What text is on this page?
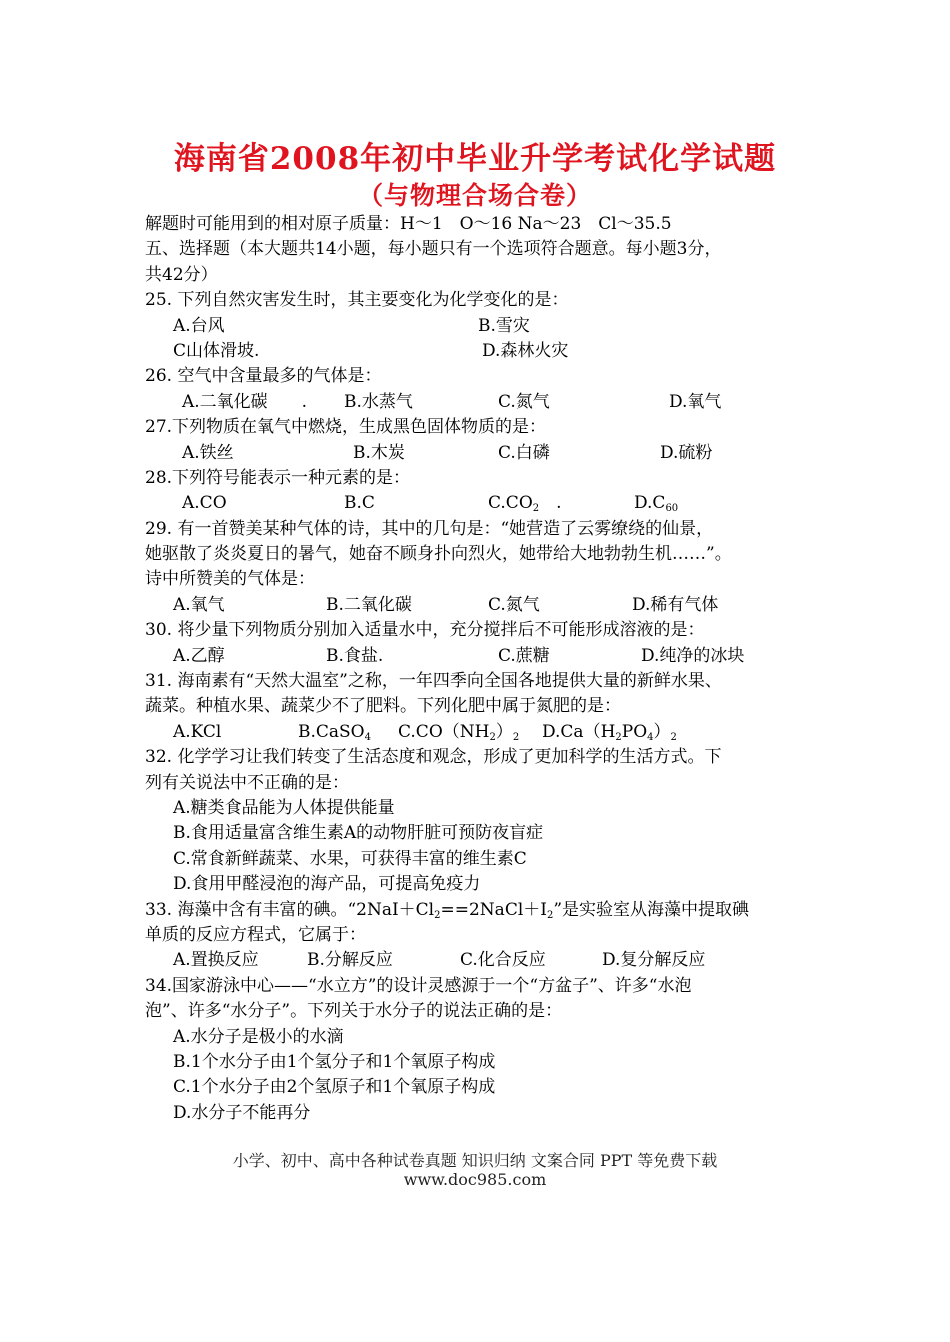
海南省2008年初中毕业升学考试化学试题
（与物理合场合卷）
解题时可能用到的相对原子质量：H～1　O～16 Na～23　Cl～35.5
五、选择题（本大题共14小题，每小题只有一个选项符合题意。每小题3分，
共42分）
25. 下列自然灾害发生时，其主要变化为化学变化的是：
A.台风	B.雪灾
C山体滑坡.	D.森林火灾
26. 空气中含量最多的气体是：
A.二氧化碳　　. B.水蒸气	C.氮气	D.氧气
27.下列物质在氧气中燃烧，生成黑色固体物质的是：
A.铁丝	B.木炭	C.白磷	D.硫粉
28.下列符号能表示一种元素的是：
A.CO	B.C	$C.CO_2$　.	$D.C_{60}$
29. 有一首赞美某种气体的诗，其中的几句是：“她营造了云雾缭绕的仙景，
她驱散了炎炎夏日的暑气，她奋不顾身扑向烈火，她带给大地勃勃生机……”。
诗中所赞美的气体是：
A.氧气	B.二氧化碳	C.氮气	D.稀有气体
30. 将少量下列物质分别加入适量水中，充分搅拌后不可能形成溶液的是：
A.乙醇	B.食盐.	C.蔗糖	D.纯净的冰块
31. 海南素有“天然大温室”之称，一年四季向全国各地提供大量的新鲜水果、
蔬菜。种植水果、蔬菜少不了肥料。下列化肥中属于氮肥的是：
A.KCl	B.CaSO$_4$ $C.CO(NH_2)_2$ $D.Ca(H_2PO_4)_2$
32. 化学学习让我们转变了生活态度和观念，形成了更加科学的生活方式。下
列有关说法中不正确的是：
A.糖类食品能为人体提供能量
B.食用适量富含维生素A的动物肝脏可预防夜盲症
C.常食新鲜蔬菜、水果，可获得丰富的维生素C
D.食用甲醛浸泡的海产品，可提高免疫力
33. 海藻中含有丰富的碘。“$2NaI+Cl_2==2NaCl+I_2$”是实验室从海藻中提取碘
单质的反应方程式，它属于：
A.置换反应	B.分解反应	C.化合反应	D.复分解反应
34.国家游泳中心——“水立方”的设计灵感源于一个“方盆子”、许多“水泡
泡”、许多“水分子”。下列关于水分子的说法正确的是：
A.水分子是极小的水滴
B.1个水分子由1个氢分子和1个氧原子构成
C.1个水分子由2个氢原子和1个氧原子构成
D.水分子不能再分
小学、初中、高中各种试卷真题 知识归纳 文案合同 PPT 等免费下载
www.doc985.com
